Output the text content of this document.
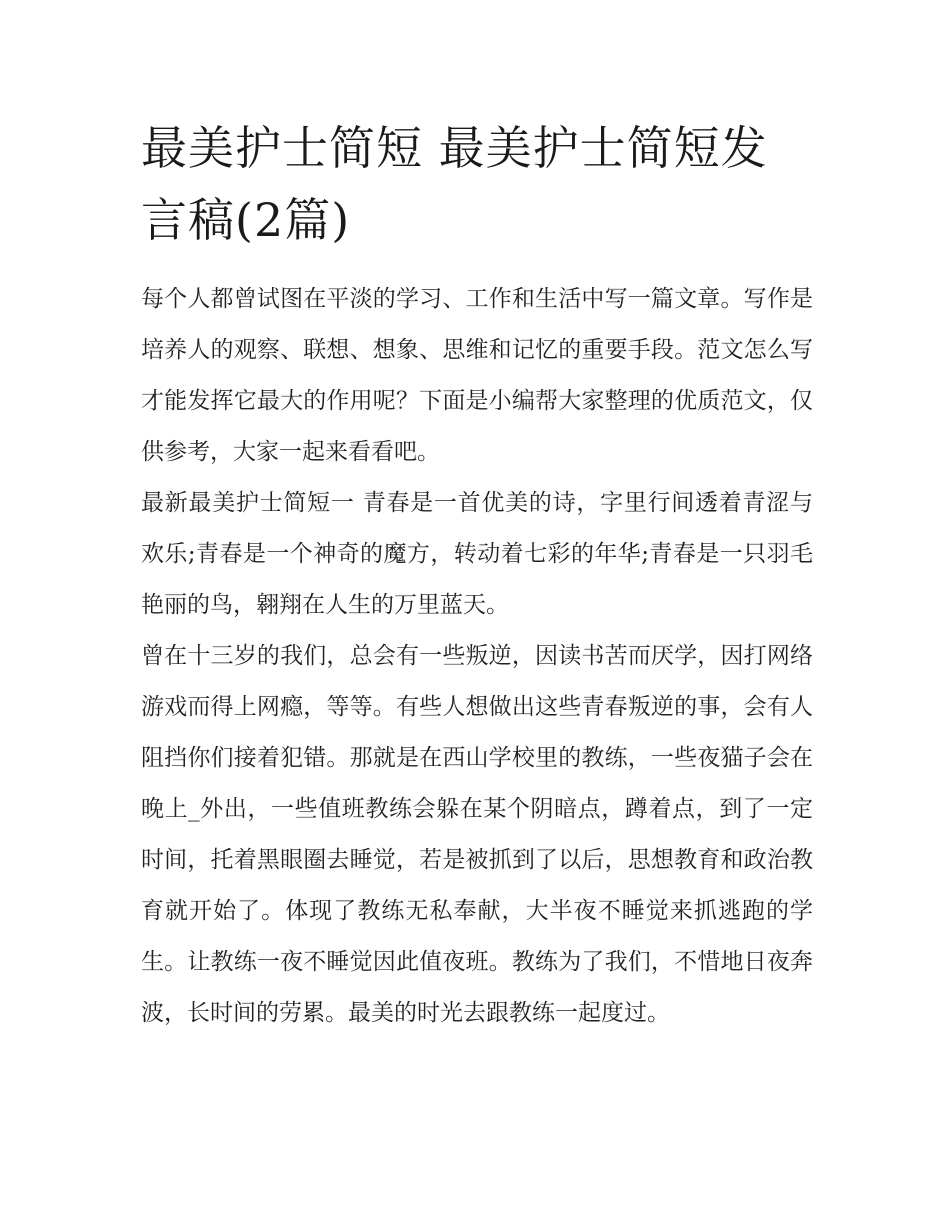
最美护士简短 最美护士简短发言稿(2篇)

每个人都曾试图在平淡的学习、工作和生活中写一篇文章。写作是培养人的观察、联想、想象、思维和记忆的重要手段。范文怎么写才能发挥它最大的作用呢？下面是小编帮大家整理的优质范文，仅供参考，大家一起来看看吧。

最新最美护士简短一 青春是一首优美的诗，字里行间透着青涩与欢乐;青春是一个神奇的魔方，转动着七彩的年华;青春是一只羽毛艳丽的鸟，翱翔在人生的万里蓝天。

曾在十三岁的我们，总会有一些叛逆，因读书苦而厌学，因打网络游戏而得上网瘾，等等。有些人想做出这些青春叛逆的事，会有人阻挡你们接着犯错。那就是在西山学校里的教练，一些夜猫子会在晚上_外出，一些值班教练会躲在某个阴暗点，蹲着点，到了一定时间，托着黑眼圈去睡觉，若是被抓到了以后，思想教育和政治教育就开始了。体现了教练无私奉献，大半夜不睡觉来抓逃跑的学生。让教练一夜不睡觉因此值夜班。教练为了我们，不惜地日夜奔波，长时间的劳累。最美的时光去跟教练一起度过。
